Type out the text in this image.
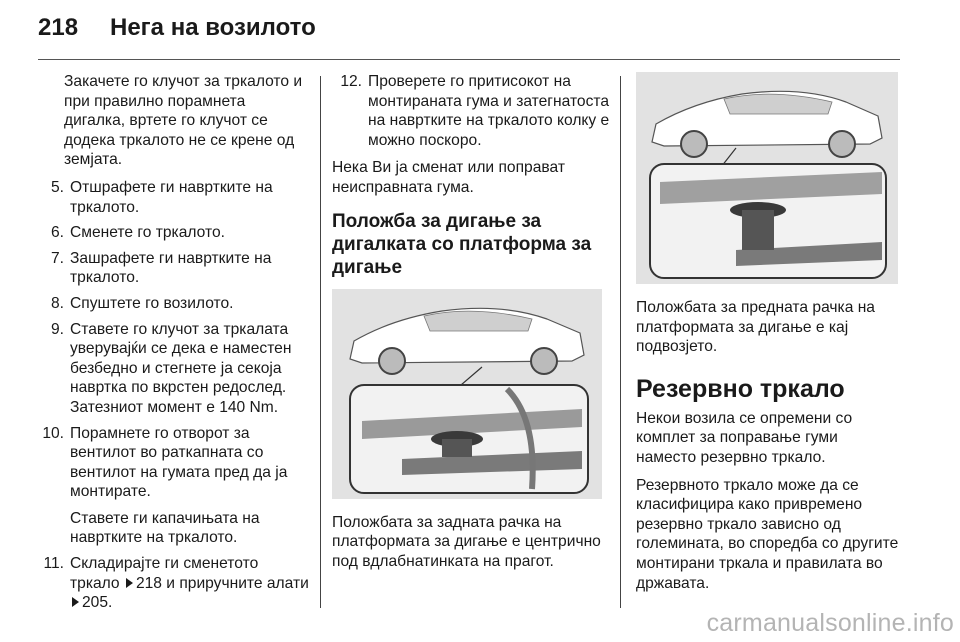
218	Нега на возилото

Закачете го клучот за тркалото и при правилно порамнета дигалка, вртете го клучот се додека тркалото не се крене од земјата.

5. Отшрафете ги навртките на тркалото.
6. Сменете го тркалото.
7. Зашрафете ги навртките на тркалото.
8. Спуштете го возилото.
9. Ставете го клучот за тркалата уверувајќи се дека е наместен безбедно и стегнете ја секоја навртка по вкрстен редослед. Затезниот момент е 140 Nm.
10. Порамнете го отворот за вентилот во раткапната со вентилот на гумата пред да ја монтирате.
Ставете ги капачињата на навртките на тркалото.
11. Складирајте ги сменетото тркало 218 и приручните алати 205.
12. Проверете го притисокот на монтираната гума и затегнатоста на навртките на тркалото колку е можно поскоро.

Нека Ви ја сменат или поправат неисправната гума.

Положба за дигање за дигалката со платформа за дигање

Положбата за задната рачка на платформата за дигање е центрично под вдлабнатинката на прагот.

Положбата за предната рачка на платформата за дигање е кај подвозјето.

Резервно тркало

Некои возила се опремени со комплет за поправање гуми наместо резервно тркало.

Резервното тркало може да се класифицира како привремено резервно тркало зависно од големината, во споредба со другите монтирани тркала и правилата во државата.

carmanualsonline.info
